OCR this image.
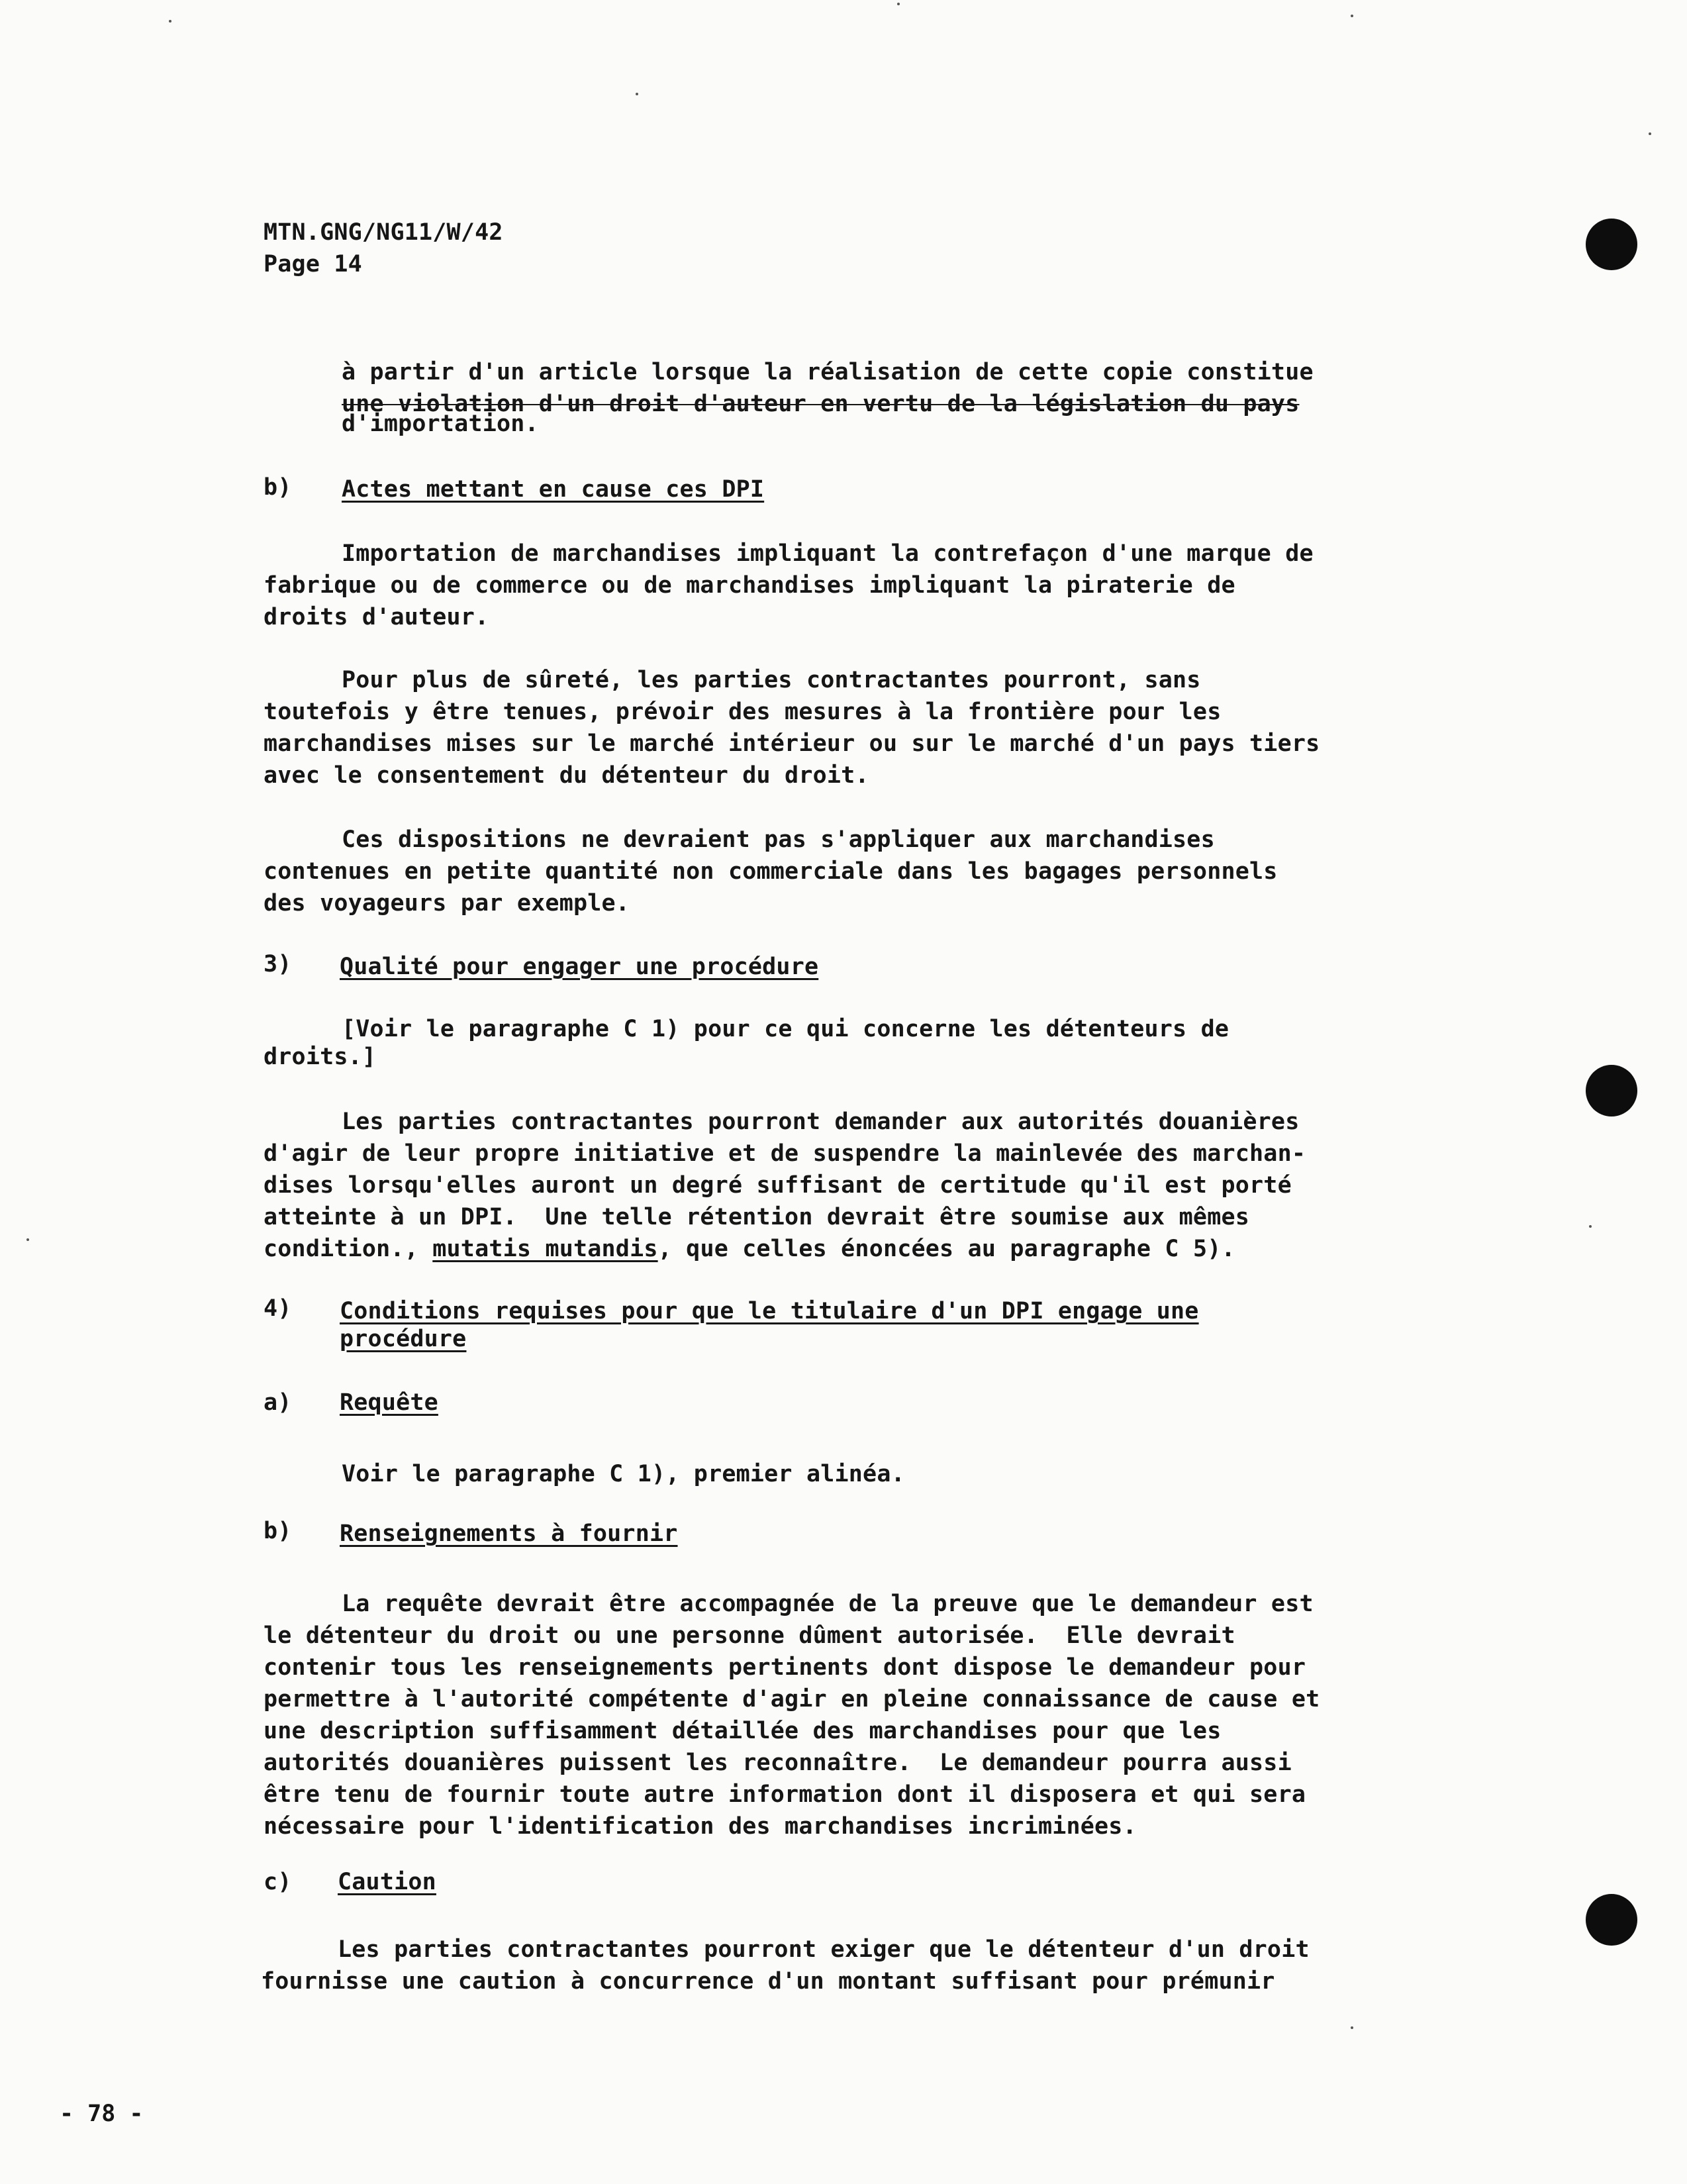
MTN.GNG/NG11/W/42
Page 14
à partir d'un article lorsque la réalisation de cette copie constitue
une violation d'un droit d'auteur en vertu de la législation du pays
d'importation.
b) Actes mettant en cause ces DPI
Importation de marchandises impliquant la contrefaçon d'une marque de
fabrique ou de commerce ou de marchandises impliquant la piraterie de
droits d'auteur.
Pour plus de sûreté, les parties contractantes pourront, sans
toutefois y être tenues, prévoir des mesures à la frontière pour les
marchandises mises sur le marché intérieur ou sur le marché d'un pays tiers
avec le consentement du détenteur du droit.
Ces dispositions ne devraient pas s'appliquer aux marchandises
contenues en petite quantité non commerciale dans les bagages personnels
des voyageurs par exemple.
3) Qualité pour engager une procédure
[Voir le paragraphe C 1) pour ce qui concerne les détenteurs de
droits.]
Les parties contractantes pourront demander aux autorités douanières
d'agir de leur propre initiative et de suspendre la mainlevée des marchan-
dises lorsqu'elles auront un degré suffisant de certitude qu'il est porté
atteinte à un DPI.  Une telle rétention devrait être soumise aux mêmes
condition., mutatis mutandis, que celles énoncées au paragraphe C 5).
4) Conditions requises pour que le titulaire d'un DPI engage une
procédure
a) Requête
Voir le paragraphe C 1), premier alinéa.
b) Renseignements à fournir
La requête devrait être accompagnée de la preuve que le demandeur est
le détenteur du droit ou une personne dûment autorisée.  Elle devrait
contenir tous les renseignements pertinents dont dispose le demandeur pour
permettre à l'autorité compétente d'agir en pleine connaissance de cause et
une description suffisamment détaillée des marchandises pour que les
autorités douanières puissent les reconnaître.  Le demandeur pourra aussi
être tenu de fournir toute autre information dont il disposera et qui sera
nécessaire pour l'identification des marchandises incriminées.
c) Caution
Les parties contractantes pourront exiger que le détenteur d'un droit
fournisse une caution à concurrence d'un montant suffisant pour prémunir
- 78 -
